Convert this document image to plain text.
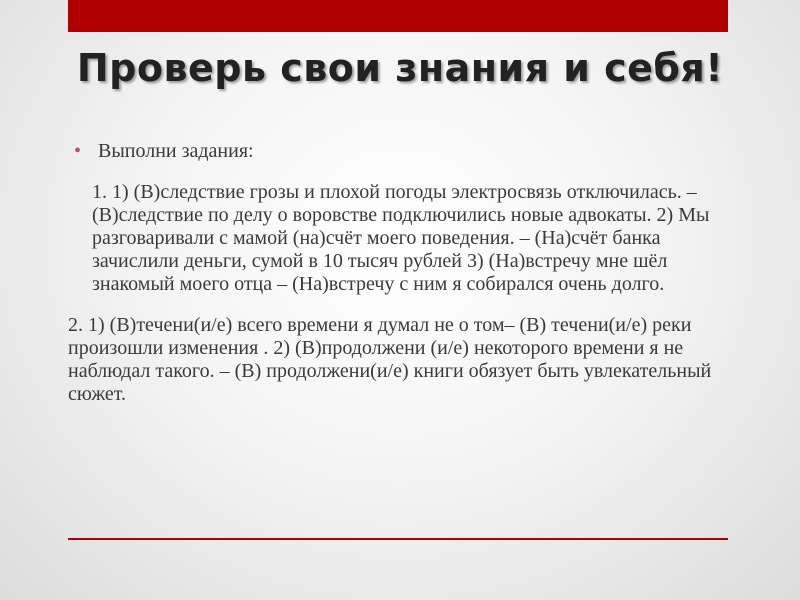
Проверь свои знания и себя!
• Выполни задания:
1. 1) (В)следствие грозы и плохой погоды электросвязь отключилась. – (В)следствие по делу о воровстве подключились новые адвокаты. 2) Мы разговаривали с мамой (на)счёт моего поведения. – (На)счёт банка зачислили деньги, сумой в 10 тысяч рублей 3) (На)встречу мне шёл знакомый моего отца – (На)встречу с ним я собирался очень долго.
2. 1) (В)течени(и/е) всего времени я думал не о том– (В) течени(и/е) реки произошли изменения . 2) (В)продолжени (и/е) некоторого времени я не наблюдал такого. – (В) продолжени(и/е) книги обязует быть увлекательный сюжет.
